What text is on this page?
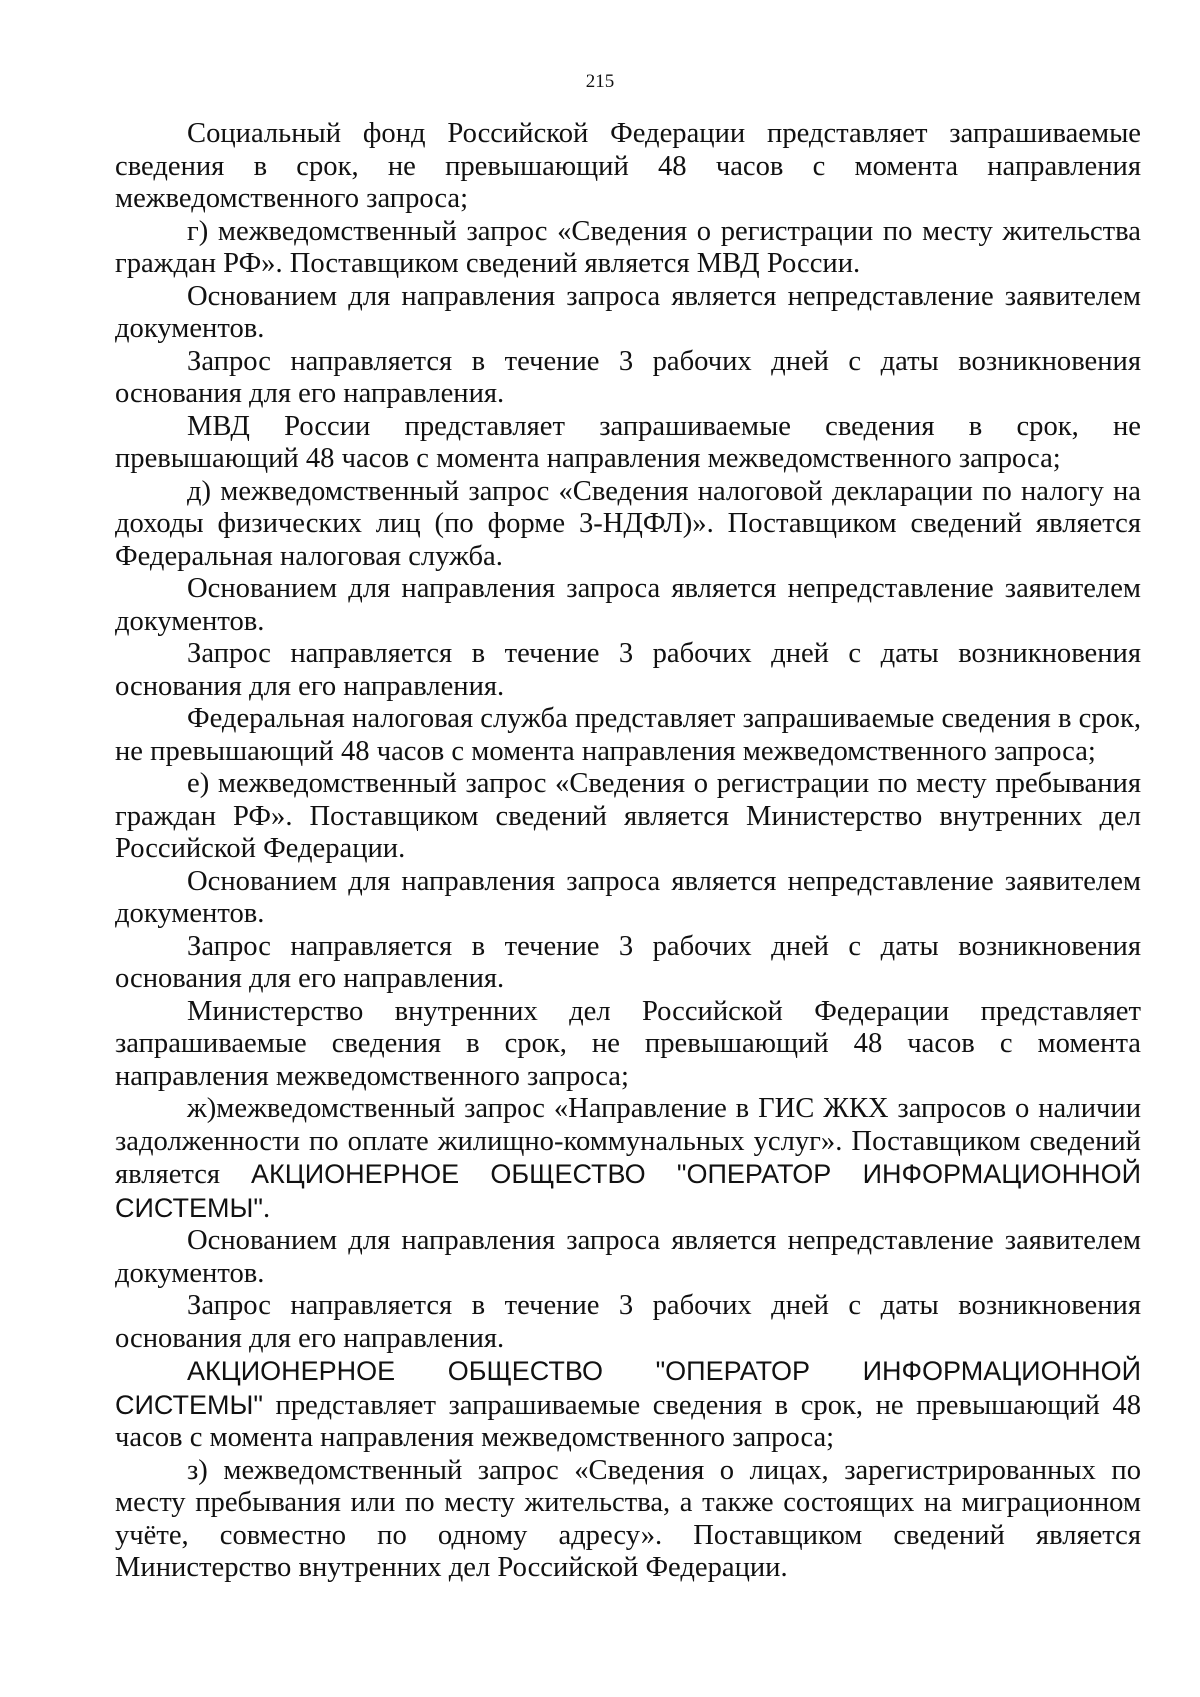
215

Социальный фонд Российской Федерации представляет запрашиваемые сведения в срок, не превышающий 48 часов с момента направления межведомственного запроса;

г) межведомственный запрос «Сведения о регистрации по месту жительства граждан РФ». Поставщиком сведений является МВД России.

Основанием для направления запроса является непредставление заявителем документов.

Запрос направляется в течение 3 рабочих дней с даты возникновения основания для его направления.

МВД России представляет запрашиваемые сведения в срок, не превышающий 48 часов с момента направления межведомственного запроса;

д) межведомственный запрос «Сведения налоговой декларации по налогу на доходы физических лиц (по форме 3-НДФЛ)». Поставщиком сведений является Федеральная налоговая служба.

Основанием для направления запроса является непредставление заявителем документов.

Запрос направляется в течение 3 рабочих дней с даты возникновения основания для его направления.

Федеральная налоговая служба представляет запрашиваемые сведения в срок, не превышающий 48 часов с момента направления межведомственного запроса;

е) межведомственный запрос «Сведения о регистрации по месту пребывания граждан РФ». Поставщиком сведений является Министерство внутренних дел Российской Федерации.

Основанием для направления запроса является непредставление заявителем документов.

Запрос направляется в течение 3 рабочих дней с даты возникновения основания для его направления.

Министерство внутренних дел Российской Федерации представляет запрашиваемые сведения в срок, не превышающий 48 часов с момента направления межведомственного запроса;

ж)межведомственный запрос «Направление в ГИС ЖКХ запросов о наличии задолженности по оплате жилищно-коммунальных услуг». Поставщиком сведений является АКЦИОНЕРНОЕ ОБЩЕСТВО "ОПЕРАТОР ИНФОРМАЦИОННОЙ СИСТЕМЫ".

Основанием для направления запроса является непредставление заявителем документов.

Запрос направляется в течение 3 рабочих дней с даты возникновения основания для его направления.

АКЦИОНЕРНОЕ ОБЩЕСТВО "ОПЕРАТОР ИНФОРМАЦИОННОЙ СИСТЕМЫ" представляет запрашиваемые сведения в срок, не превышающий 48 часов с момента направления межведомственного запроса;

з) межведомственный запрос «Сведения о лицах, зарегистрированных по месту пребывания или по месту жительства, а также состоящих на миграционном учёте, совместно по одному адресу». Поставщиком сведений является Министерство внутренних дел Российской Федерации.
